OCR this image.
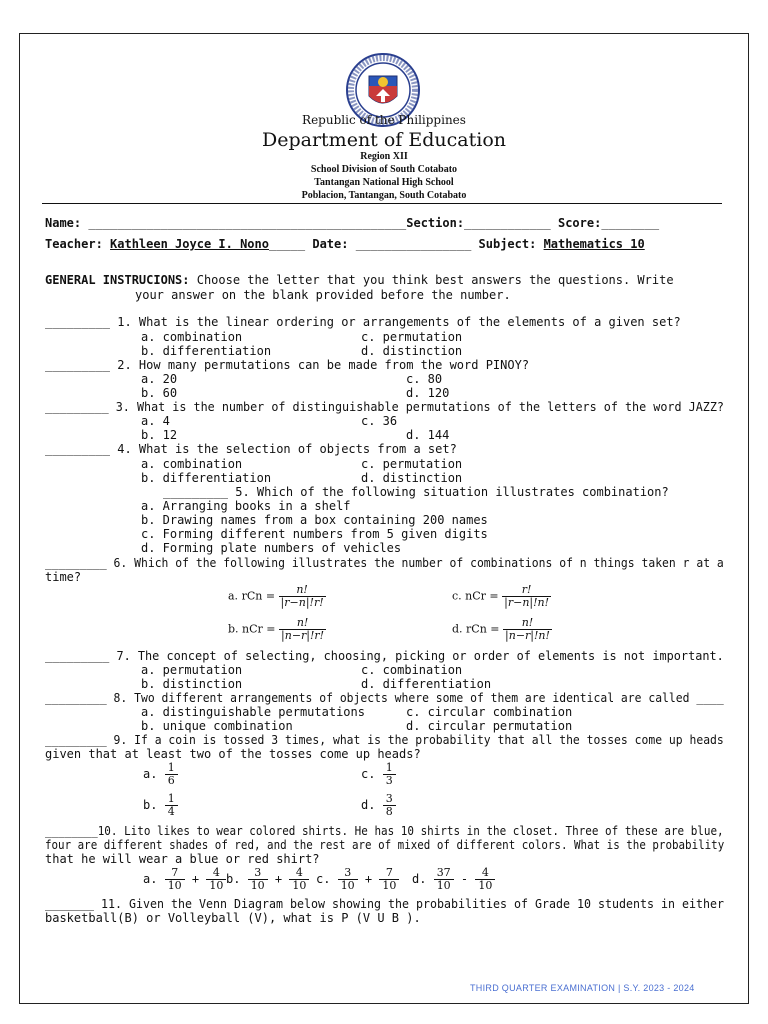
Republic of the Philippines
Department of Education
Region XII
School Division of South Cotabato
Tantangan National High School
Poblacion, Tantangan, South Cotabato
Name: ____________________________________________Section:____________ Score:________
Teacher: Kathleen Joyce I. Nono_____ Date: ________________ Subject: Mathematics 10
GENERAL INSTRUCIONS: Choose the letter that you think best answers the questions. Write
your answer on the blank provided before the number.
_________ 1. What is the linear ordering or arrangements of the elements of a given set?
a. combination	c. permutation
b. differentiation	d. distinction
_________ 2. How many permutations can be made from the word PINOY?
a. 20	c. 80
b. 60	d. 120
_________ 3. What is the number of distinguishable permutations of the letters of the word JAZZ?
a. 4	c. 36
b. 12	d. 144
_________ 4. What is the selection of objects from a set?
a. combination	c. permutation
b. differentiation	d. distinction
_________ 5. Which of the following situation illustrates combination?
a. Arranging books in a shelf
b. Drawing names from a box containing 200 names
c. Forming different numbers from 5 given digits
d. Forming plate numbers of vehicles
_________ 6. Which of the following illustrates the number of combinations of n things taken r at a
time?
a. rCn = $\frac{n!}{|r-n|!r!}$	c. nCr = $\frac{r!}{|r-n|!n!}$
b. nCr = $\frac{n!}{|n-r|!r!}$	d. rCn = $\frac{n!}{|n-r|!n!}$
_________ 7. The concept of selecting, choosing, picking or order of elements is not important.
a. permutation	c. combination
b. distinction	d. differentiation
_________ 8. Two different arrangements of objects where some of them are identical are called ____
a. distinguishable permutations	c. circular combination
b. unique combination	d. circular permutation
_________ 9. If a coin is tossed 3 times, what is the probability that all the tosses come up heads
given that at least two of the tosses come up heads?
a. $\frac{1}{6}$	c. $\frac{1}{3}$
b. $\frac{1}{4}$	d. $\frac{3}{8}$
________10. Lito likes to wear colored shirts. He has 10 shirts in the closet. Three of these are blue,
four are different shades of red, and the rest are of mixed of different colors. What is the probability
that he will wear a blue or red shirt?
a. $\frac{7}{10} + \frac{4}{10} b$. $\frac{3}{10} + \frac{4}{10} c$. $\frac{3}{10} + \frac{7}{10} d$. $\frac{37}{10} - \frac{4}{10}$
_______ 11. Given the Venn Diagram below showing the probabilities of Grade 10 students in either
basketball(B) or Volleyball (V), what is P (V U B ).
THIRD QUARTER EXAMINATION | S.Y. 2023 - 2024
